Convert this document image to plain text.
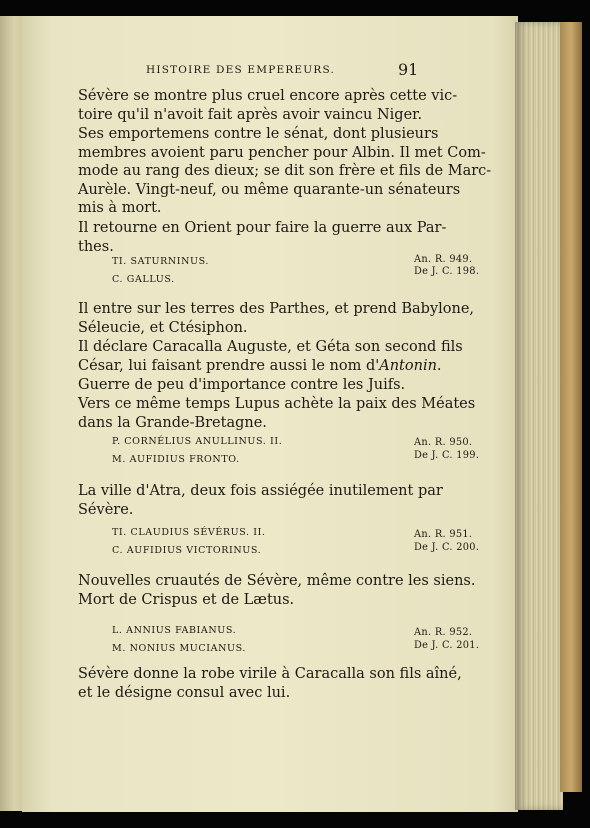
HISTOIRE DES EMPEREURS.	91

Sévère se montre plus cruel encore après cette vic-
toire qu'il n'avoit fait après avoir vaincu Niger.

Ses emportemens contre le sénat, dont plusieurs
membres avoient paru pencher pour Albin. Il met Com-
mode au rang des dieux; se dit son frère et fils de Marc-
Aurèle. Vingt-neuf, ou même quarante-un sénateurs
mis à mort.

Il retourne en Orient pour faire la guerre aux Par-
thes.

TI. SATURNINUS.
C. GALLUS.
An. R. 949.
De J. C. 198.

Il entre sur les terres des Parthes, et prend Babylone,
Séleucie, et Ctésiphon.

Il déclare Caracalla Auguste, et Géta son second fils
César, lui faisant prendre aussi le nom d'Antonin.

Guerre de peu d'importance contre les Juifs.

Vers ce même temps Lupus achète la paix des Méates
dans la Grande-Bretagne.

P. CORNÉLIUS ANULLINUS. II.
M. AUFIDIUS FRONTO.
An. R. 950.
De J. C. 199.

La ville d'Atra, deux fois assiégée inutilement par
Sévère.

TI. CLAUDIUS SÉVÉRUS. II.
C. AUFIDIUS VICTORINUS.
An. R. 951.
De J. C. 200.

Nouvelles cruautés de Sévère, même contre les siens.
Mort de Crispus et de Lætus.

L. ANNIUS FABIANUS.
M. NONIUS MUCIANUS.
An. R. 952.
De J. C. 201.

Sévère donne la robe virile à Caracalla son fils aîné,
et le désigne consul avec lui.
